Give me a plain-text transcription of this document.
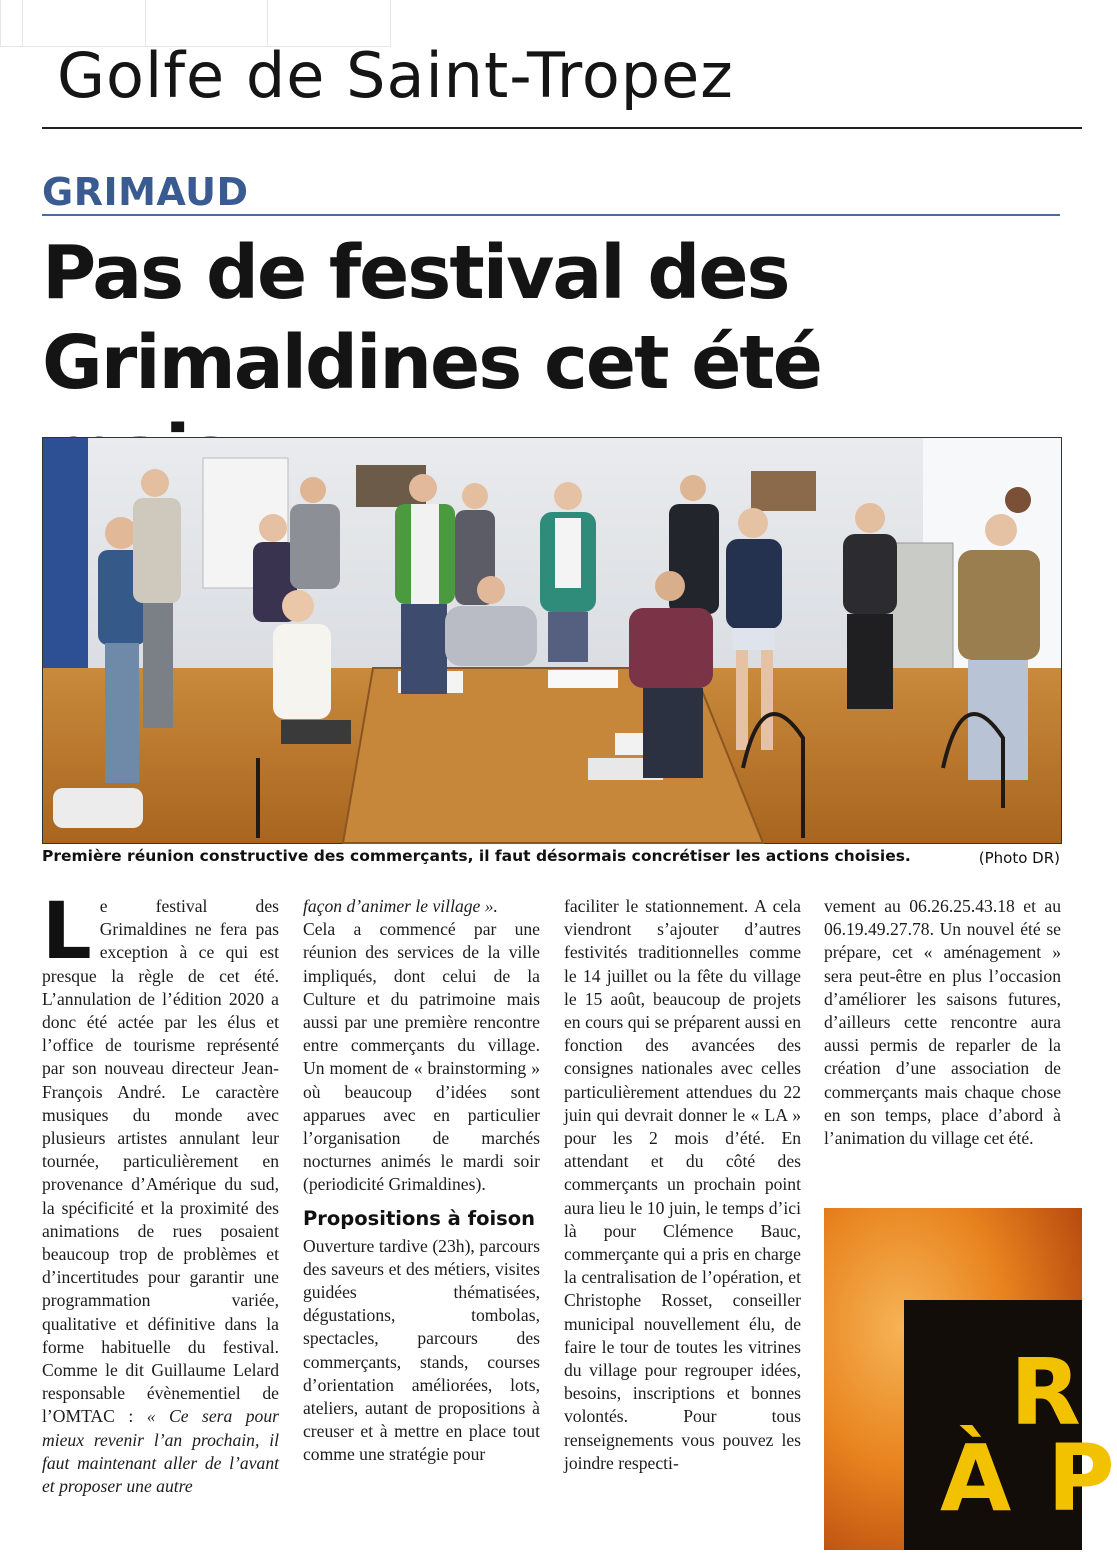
Golfe de Saint-Tropez
GRIMAUD
Pas de festival des Grimaldines cet été
Première réunion constructive des commerçants, il faut désormais concrétiser les actions choisies.	(Photo DR)
L e festival des Grimaldines ne fera pas exception à ce qui est presque la règle de cet été. L’annulation de l’édition 2020 a donc été actée par les élus et l’office de tourisme représenté par son nouveau directeur Jean-François André. Le caractère musiques du monde avec plusieurs artistes annulant leur tournée, particulièrement en provenance d’Amérique du sud, la spécificité et la proximité des animations de rues posaient beaucoup trop de problèmes et d’incertitudes pour garantir une programmation variée, qualitative et définitive dans la forme habituelle du festival. Comme le dit Guillaume Lelard responsable évènementiel de l’OMTAC : « Ce sera pour mieux revenir l’an prochain, il faut maintenant aller de l’avant et proposer une autre

façon d’animer le village ».

Cela a commencé par une réunion des services de la ville impliqués, dont celui de la Culture et du patrimoine mais aussi par une première rencontre entre commerçants du village. Un moment de « brainstorming » où beaucoup d’idées sont apparues avec en particulier l’organisation de marchés nocturnes animés le mardi soir (periodicité Grimaldines).

Propositions à foison

Ouverture tardive (23h), parcours des saveurs et des métiers, visites guidées thématisées, dégustations, tombolas, spectacles, parcours des commerçants, stands, courses d’orientation améliorées, lots, ateliers, autant de propositions à creuser et à mettre en place tout comme une stratégie pour

faciliter le stationnement. A cela viendront s’ajouter d’autres festivités traditionnelles comme le 14 juillet ou la fête du village le 15 août, beaucoup de projets en cours qui se préparent aussi en fonction des avancées des consignes nationales avec celles particulièrement attendues du 22 juin qui devrait donner le « LA » pour les 2 mois d’été. En attendant et du côté des commerçants un prochain point aura lieu le 10 juin, le temps d’ici là pour Clémence Bauc, commerçante qui a pris en charge la centralisation de l’opération, et Christophe Rosset, conseiller municipal nouvellement élu, de faire le tour de toutes les vitrines du village pour regrouper idées, besoins, inscriptions et bonnes volontés. Pour tous renseignements vous pouvez les joindre respecti-

vement au 06.26.25.43.18 et au 06.19.49.27.78. Un nouvel été se prépare, cet « aménagement » sera peut-être en plus l’occasion d’améliorer les saisons futures, d’ailleurs cette rencontre aura aussi permis de reparler de la création d’une association de commerçants mais chaque chose en son temps, place d’abord à l’animation du village cet été.

R
À P
